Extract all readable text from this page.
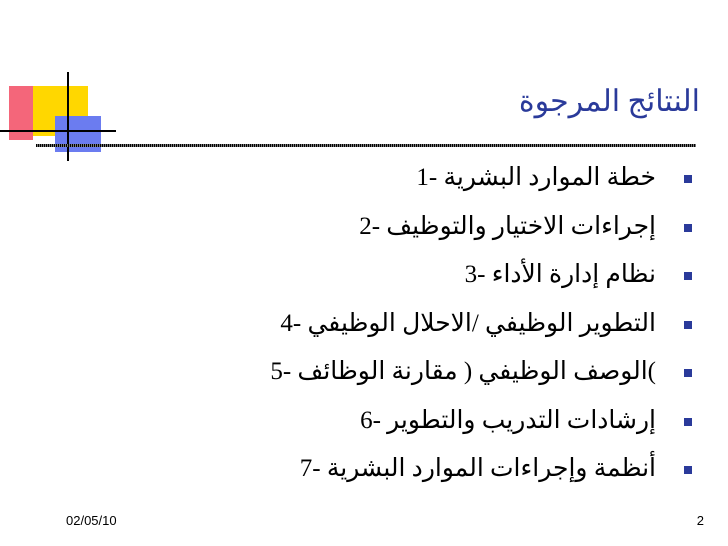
النتائج المرجوة
خطة الموارد البشرية -1
إجراءات الاختيار والتوظيف -2
نظام إدارة الأداء -3
التطوير الوظيفي /الاحلال الوظيفي -4
)الوصف الوظيفي ( مقارنة الوظائف -5
إرشادات التدريب والتطوير -6
أنظمة وإجراءات الموارد البشرية -7
02/05/10	2
